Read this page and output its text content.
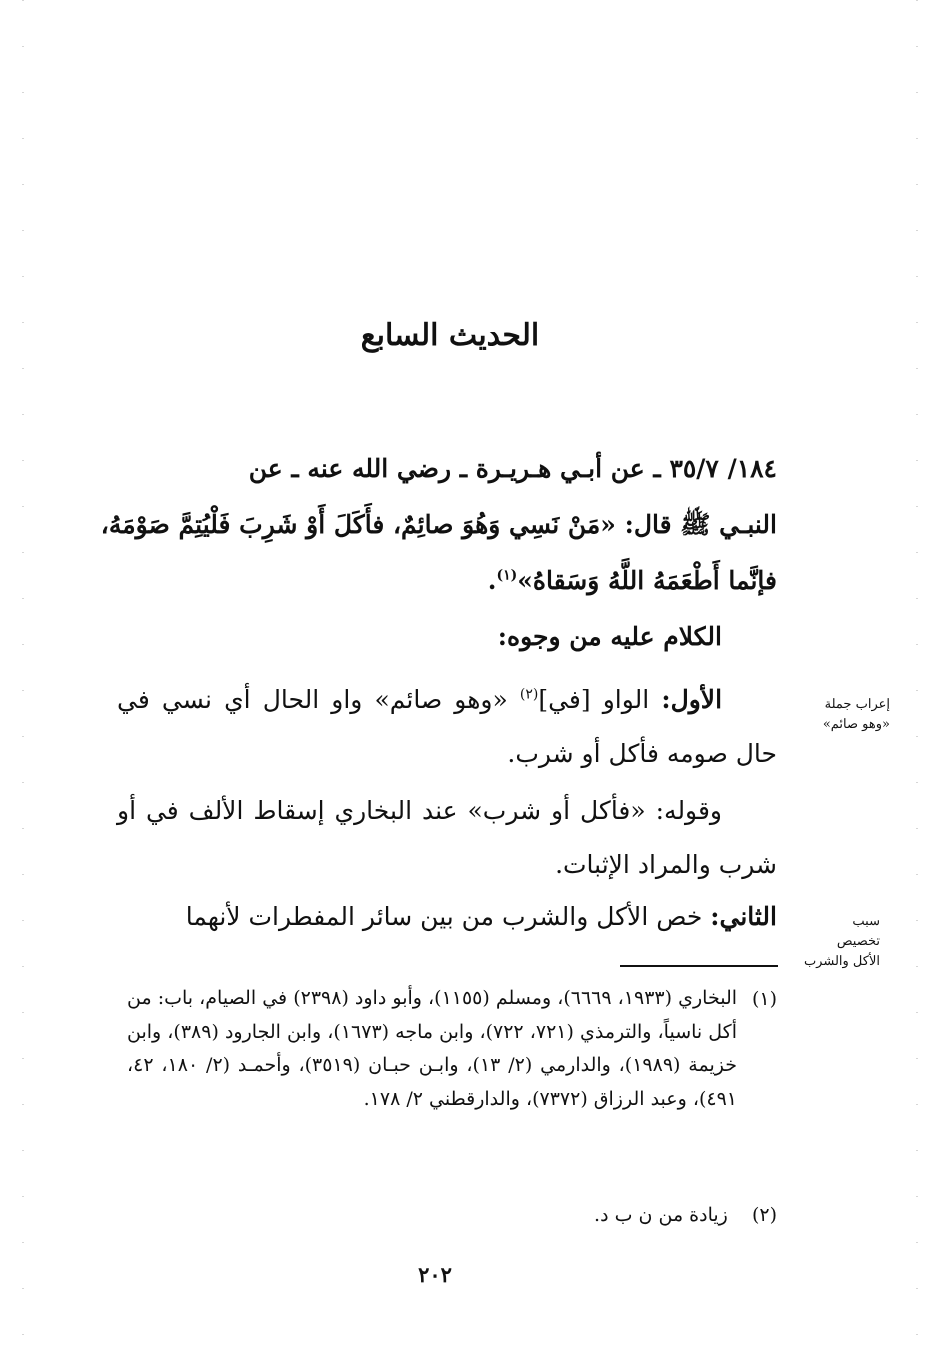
الحديث السابع
١٨٤/ ٣٥/٧ ـ عن أبـي هـريـرة ـ رضي الله عنه ـ عن
النبـي ﷺ قال: «مَنْ نَسِي وَهُوَ صائِمٌ، فأَكَلَ أَوْ شَرِبَ فَلْيُتِمَّ صَوْمَهُ،
فإنَّما أَطْعَمَهُ اللَّهُ وَسَقاهُ»$^{(١)}$.
الكلام عليه من وجوه:
الأول: الواو [في]$^{(٢)}$ «وهو صائم» واو الحال أي نسي في حال صومه فأكل أو شرب.
وقوله: «فأكل أو شرب» عند البخاري إسقاط الألف في أو شرب والمراد الإثبات.
الثاني: خص الأكل والشرب من بين سائر المفطرات لأنهما
إعراب جملة
«وهو صائم»
سبب
تخصيص
الأكل والشرب
(١)
البخاري (١٩٣٣، ٦٦٦٩)، ومسلم (١١٥٥)، وأبو داود (٢٣٩٨) في الصيام، باب: من أكل ناسياً، والترمذي (٧٢١، ٧٢٢)، وابن ماجه (١٦٧٣)، وابن الجارود (٣٨٩)، وابن خزيمة (١٩٨٩)، والدارمي (٢/ ١٣)، وابـن حبـان (٣٥١٩)، وأحمـد (٢/ ١٨٠، ٤٢، ٤٩١)، وعبد الرزاق (٧٣٧٢)، والدارقطني ٢/ ١٧٨.
(٢)  زيادة من ن ب د.
٢٠٢
